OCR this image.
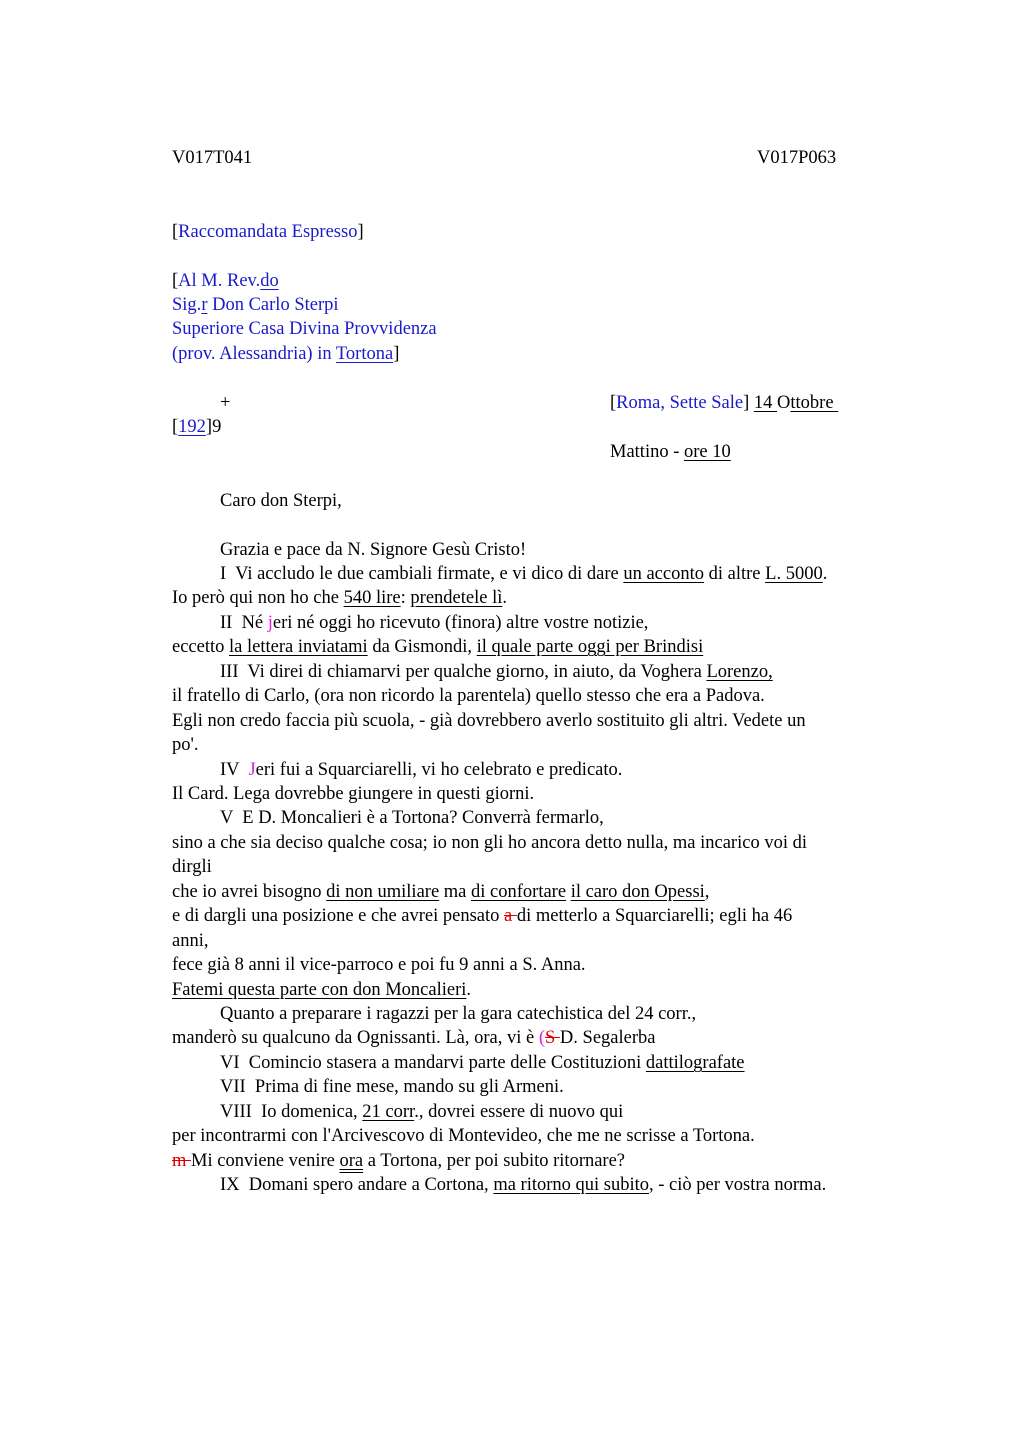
V017T041	V017P063
[Raccomandata Espresso]
[Al M. Rev.do
Sig.r Don Carlo Sterpi
Superiore Casa Divina Provvidenza
(prov. Alessandria) in Tortona]
+	[Roma, Sette Sale] 14 Ottobre
[192]9
Mattino - ore 10
Caro don Sterpi,
Grazia e pace da N. Signore Gesù Cristo!
I  Vi accludo le due cambiali firmate, e vi dico di dare un acconto di altre L. 5000.
Io però qui non ho che 540 lire: prendetele lì.
II  Né jeri né oggi ho ricevuto (finora) altre vostre notizie,
eccetto la lettera inviatami da Gismondi, il quale parte oggi per Brindisi
III  Vi direi di chiamarvi per qualche giorno, in aiuto, da Voghera Lorenzo,
il fratello di Carlo, (ora non ricordo la parentela) quello stesso che era a Padova.
Egli non credo faccia più scuola, - già dovrebbero averlo sostituito gli altri. Vedete un
po'.
IV  Jeri fui a Squarciarelli, vi ho celebrato e predicato.
Il Card. Lega dovrebbe giungere in questi giorni.
V  E D. Moncalieri è a Tortona? Converrà fermarlo,
sino a che sia deciso qualche cosa; io non gli ho ancora detto nulla, ma incarico voi di
dirgli
che io avrei bisogno di non umiliare ma di confortare il caro don Opessi,
e di dargli una posizione e che avrei pensato a di metterlo a Squarciarelli; egli ha 46
anni,
fece già 8 anni il vice-parroco e poi fu 9 anni a S. Anna.
Fatemi questa parte con don Moncalieri.
Quanto a preparare i ragazzi per la gara catechistica del 24 corr.,
manderò su qualcuno da Ognissanti. Là, ora, vi è (S D. Segalerba
VI  Comincio stasera a mandarvi parte delle Costituzioni dattilografate
VII  Prima di fine mese, mando su gli Armeni.
VIII  Io domenica, 21 corr., dovrei essere di nuovo qui
per incontrarmi con l'Arcivescovo di Montevideo, che me ne scrisse a Tortona.
m Mi conviene venire ora a Tortona, per poi subito ritornare?
IX  Domani spero andare a Cortona, ma ritorno qui subito, - ciò per vostra norma.
